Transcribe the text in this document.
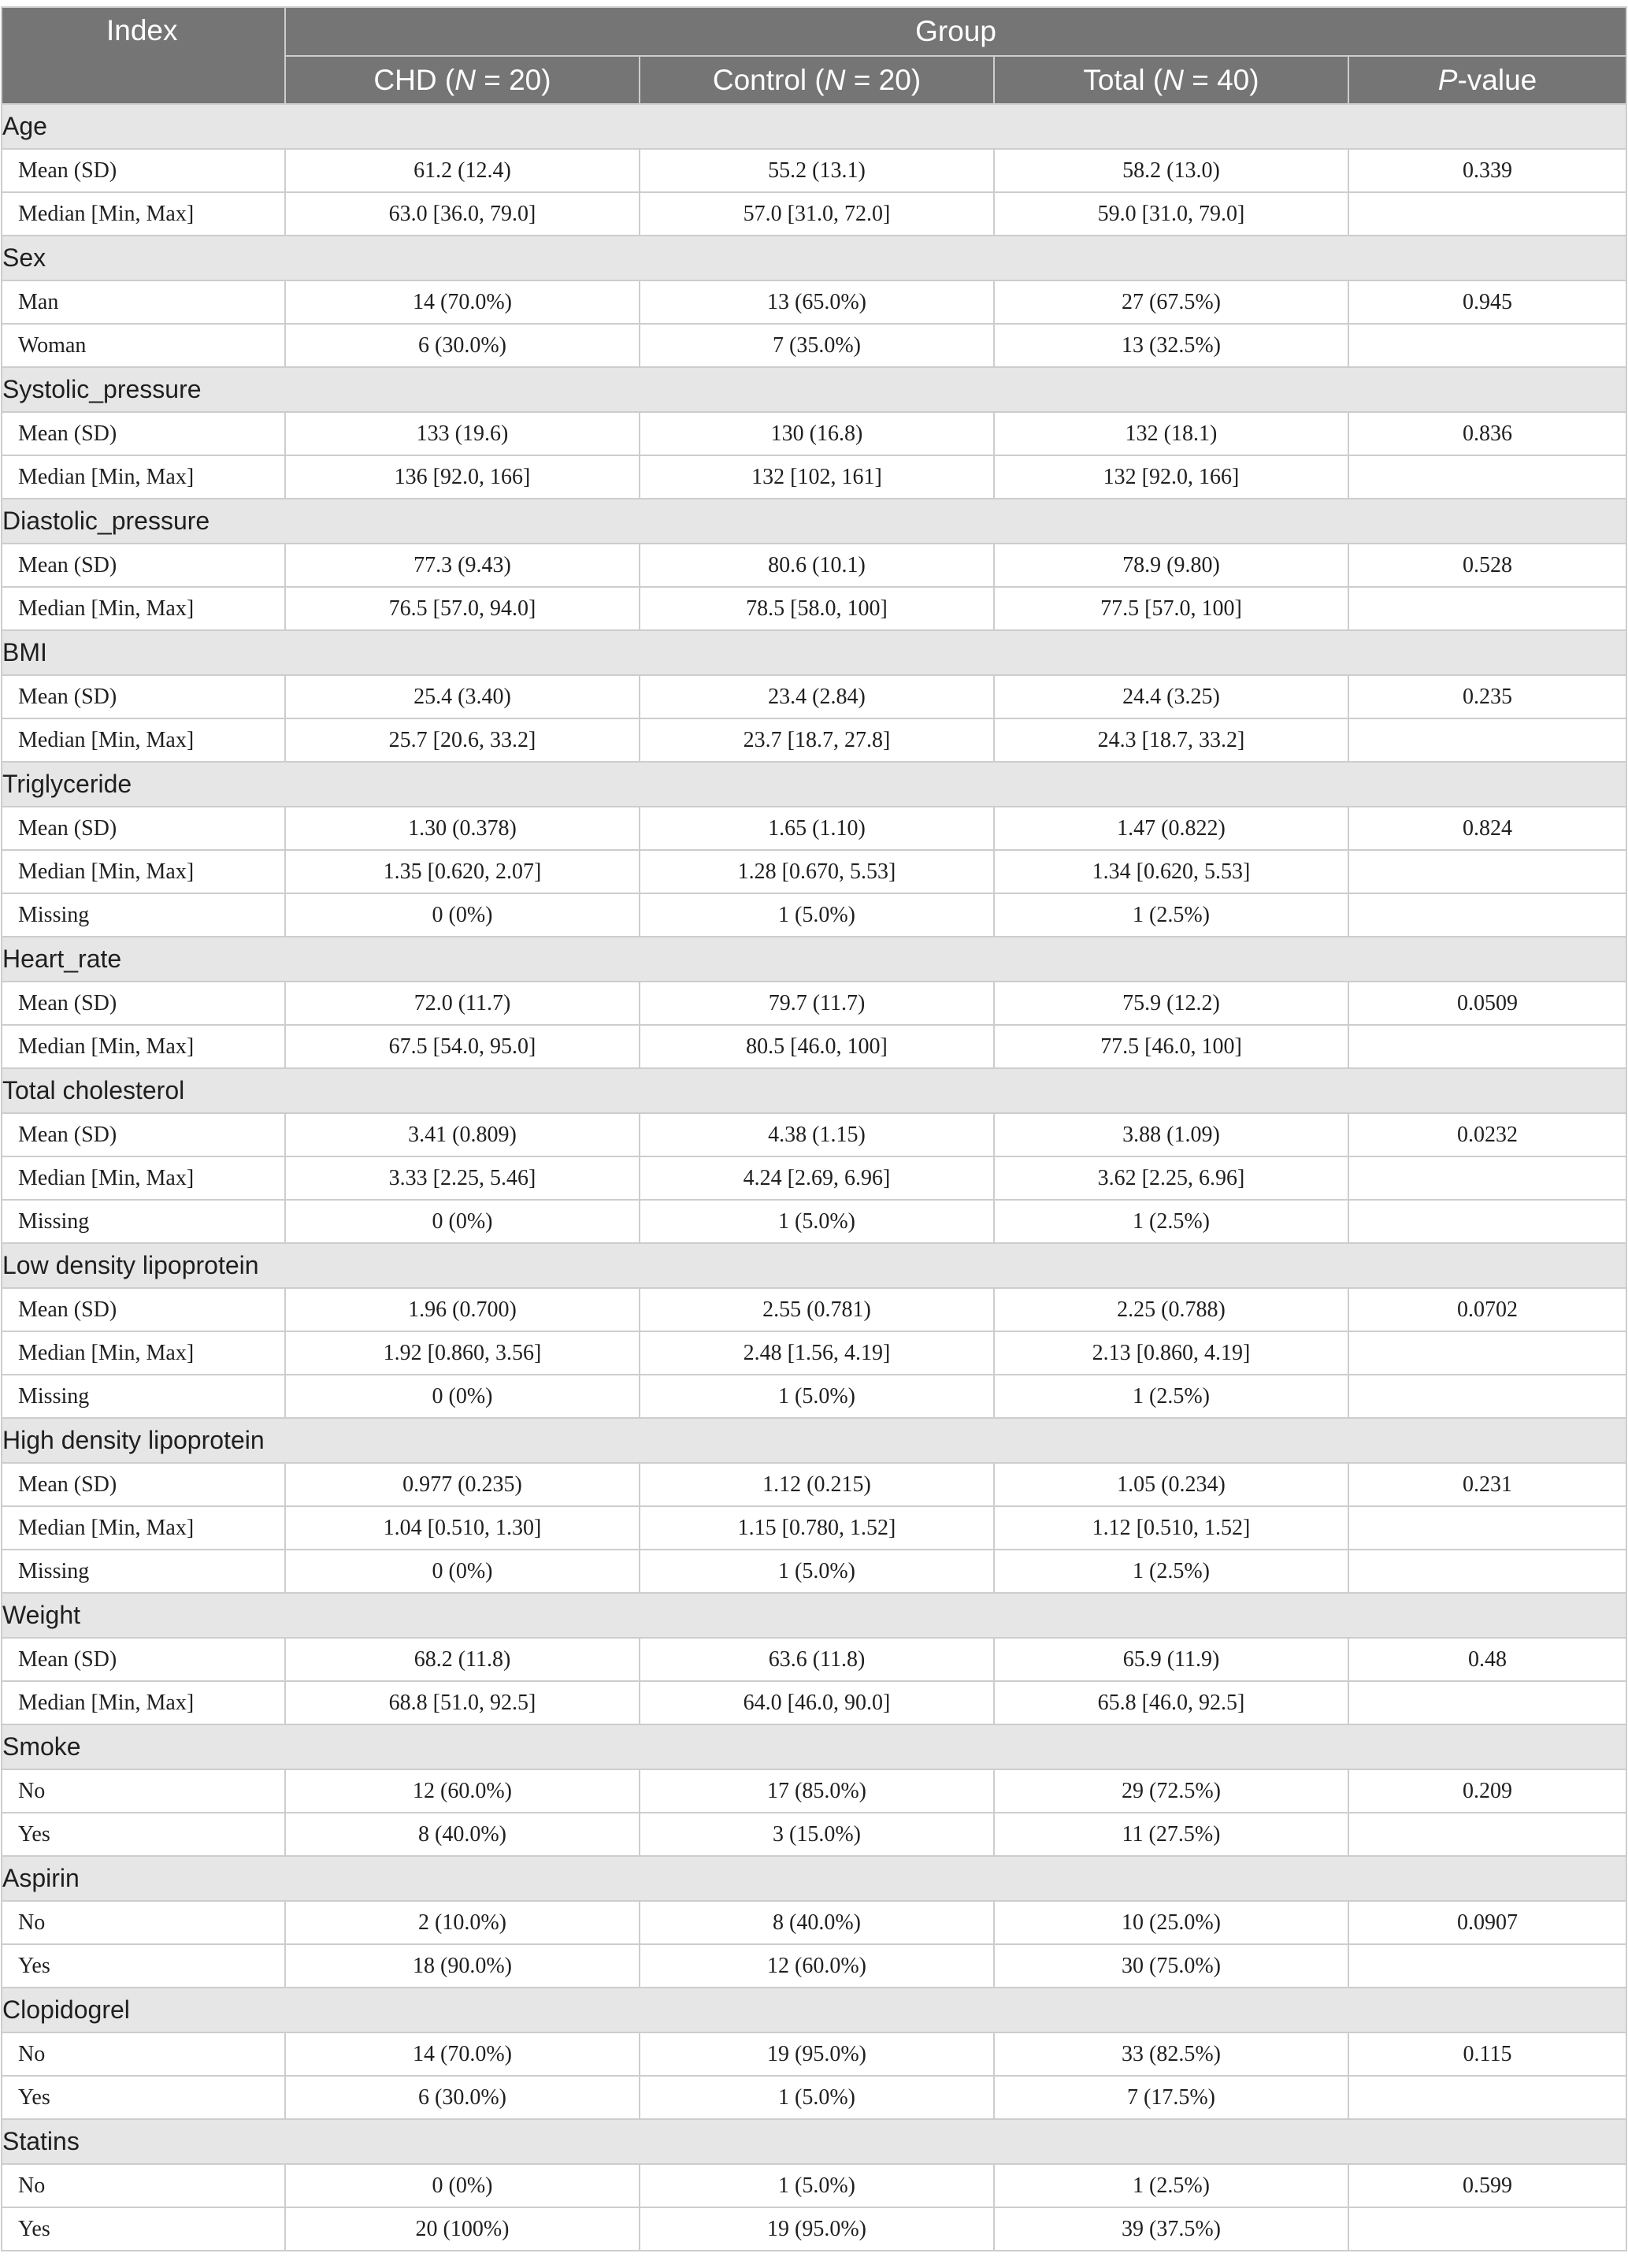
Index	Group			
	CHD (N = 20)	Control (N = 20)	Total (N = 40)	P-value
Age				
Mean (SD)	61.2 (12.4)	55.2 (13.1)	58.2 (13.0)	0.339
Median [Min, Max]	63.0 [36.0, 79.0]	57.0 [31.0, 72.0]	59.0 [31.0, 79.0]	
Sex				
Man	14 (70.0%)	13 (65.0%)	27 (67.5%)	0.945
Woman	6 (30.0%)	7 (35.0%)	13 (32.5%)	
Systolic_pressure				
Mean (SD)	133 (19.6)	130 (16.8)	132 (18.1)	0.836
Median [Min, Max]	136 [92.0, 166]	132 [102, 161]	132 [92.0, 166]	
Diastolic_pressure				
Mean (SD)	77.3 (9.43)	80.6 (10.1)	78.9 (9.80)	0.528
Median [Min, Max]	76.5 [57.0, 94.0]	78.5 [58.0, 100]	77.5 [57.0, 100]	
BMI				
Mean (SD)	25.4 (3.40)	23.4 (2.84)	24.4 (3.25)	0.235
Median [Min, Max]	25.7 [20.6, 33.2]	23.7 [18.7, 27.8]	24.3 [18.7, 33.2]	
Triglyceride				
Mean (SD)	1.30 (0.378)	1.65 (1.10)	1.47 (0.822)	0.824
Median [Min, Max]	1.35 [0.620, 2.07]	1.28 [0.670, 5.53]	1.34 [0.620, 5.53]	
Missing	0 (0%)	1 (5.0%)	1 (2.5%)	
Heart_rate				
Mean (SD)	72.0 (11.7)	79.7 (11.7)	75.9 (12.2)	0.0509
Median [Min, Max]	67.5 [54.0, 95.0]	80.5 [46.0, 100]	77.5 [46.0, 100]	
Total cholesterol				
Mean (SD)	3.41 (0.809)	4.38 (1.15)	3.88 (1.09)	0.0232
Median [Min, Max]	3.33 [2.25, 5.46]	4.24 [2.69, 6.96]	3.62 [2.25, 6.96]	
Missing	0 (0%)	1 (5.0%)	1 (2.5%)	
Low density lipoprotein				
Mean (SD)	1.96 (0.700)	2.55 (0.781)	2.25 (0.788)	0.0702
Median [Min, Max]	1.92 [0.860, 3.56]	2.48 [1.56, 4.19]	2.13 [0.860, 4.19]	
Missing	0 (0%)	1 (5.0%)	1 (2.5%)	
High density lipoprotein				
Mean (SD)	0.977 (0.235)	1.12 (0.215)	1.05 (0.234)	0.231
Median [Min, Max]	1.04 [0.510, 1.30]	1.15 [0.780, 1.52]	1.12 [0.510, 1.52]	
Missing	0 (0%)	1 (5.0%)	1 (2.5%)	
Weight				
Mean (SD)	68.2 (11.8)	63.6 (11.8)	65.9 (11.9)	0.48
Median [Min, Max]	68.8 [51.0, 92.5]	64.0 [46.0, 90.0]	65.8 [46.0, 92.5]	
Smoke				
No	12 (60.0%)	17 (85.0%)	29 (72.5%)	0.209
Yes	8 (40.0%)	3 (15.0%)	11 (27.5%)	
Aspirin				
No	2 (10.0%)	8 (40.0%)	10 (25.0%)	0.0907
Yes	18 (90.0%)	12 (60.0%)	30 (75.0%)	
Clopidogrel				
No	14 (70.0%)	19 (95.0%)	33 (82.5%)	0.115
Yes	6 (30.0%)	1 (5.0%)	7 (17.5%)	
Statins				
No	0 (0%)	1 (5.0%)	1 (2.5%)	0.599
Yes	20 (100%)	19 (95.0%)	39 (37.5%)	
